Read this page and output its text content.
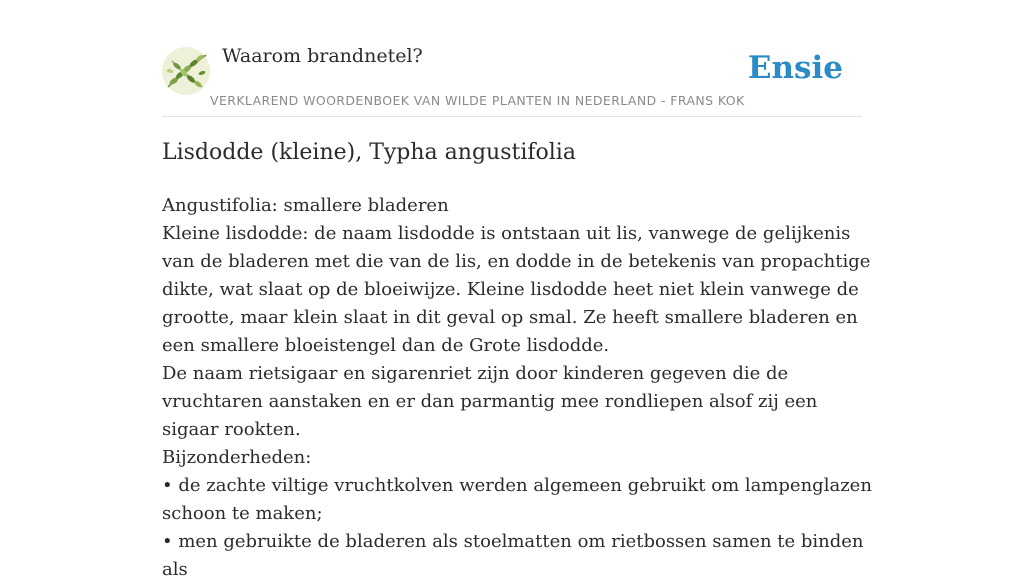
Waarom brandnetel?
VERKLAREND WOORDENBOEK VAN WILDE PLANTEN IN NEDERLAND - FRANS KOK
Ensie
Lisdodde (kleine), Typha angustifolia

Angustifolia: smallere bladeren

Kleine lisdodde: de naam lisdodde is ontstaan uit lis, vanwege de gelijkenis van de bladeren met die van de lis, en dodde in de betekenis van propachtige dikte, wat slaat op de bloeiwijze. Kleine lisdodde heet niet klein vanwege de grootte, maar klein slaat in dit geval op smal. Ze heeft smallere bladeren en een smallere bloeistengel dan de Grote lisdodde.

De naam rietsigaar en sigarenriet zijn door kinderen gegeven die de vruchtaren aanstaken en er dan parmantig mee rondliepen alsof zij een sigaar rookten.

Bijzonderheden:

• de zachte viltige vruchtkolven werden algemeen gebruikt om lampenglazen schoon te maken;

• men gebruikte de bladeren als stoelmatten om rietbossen samen te binden als
